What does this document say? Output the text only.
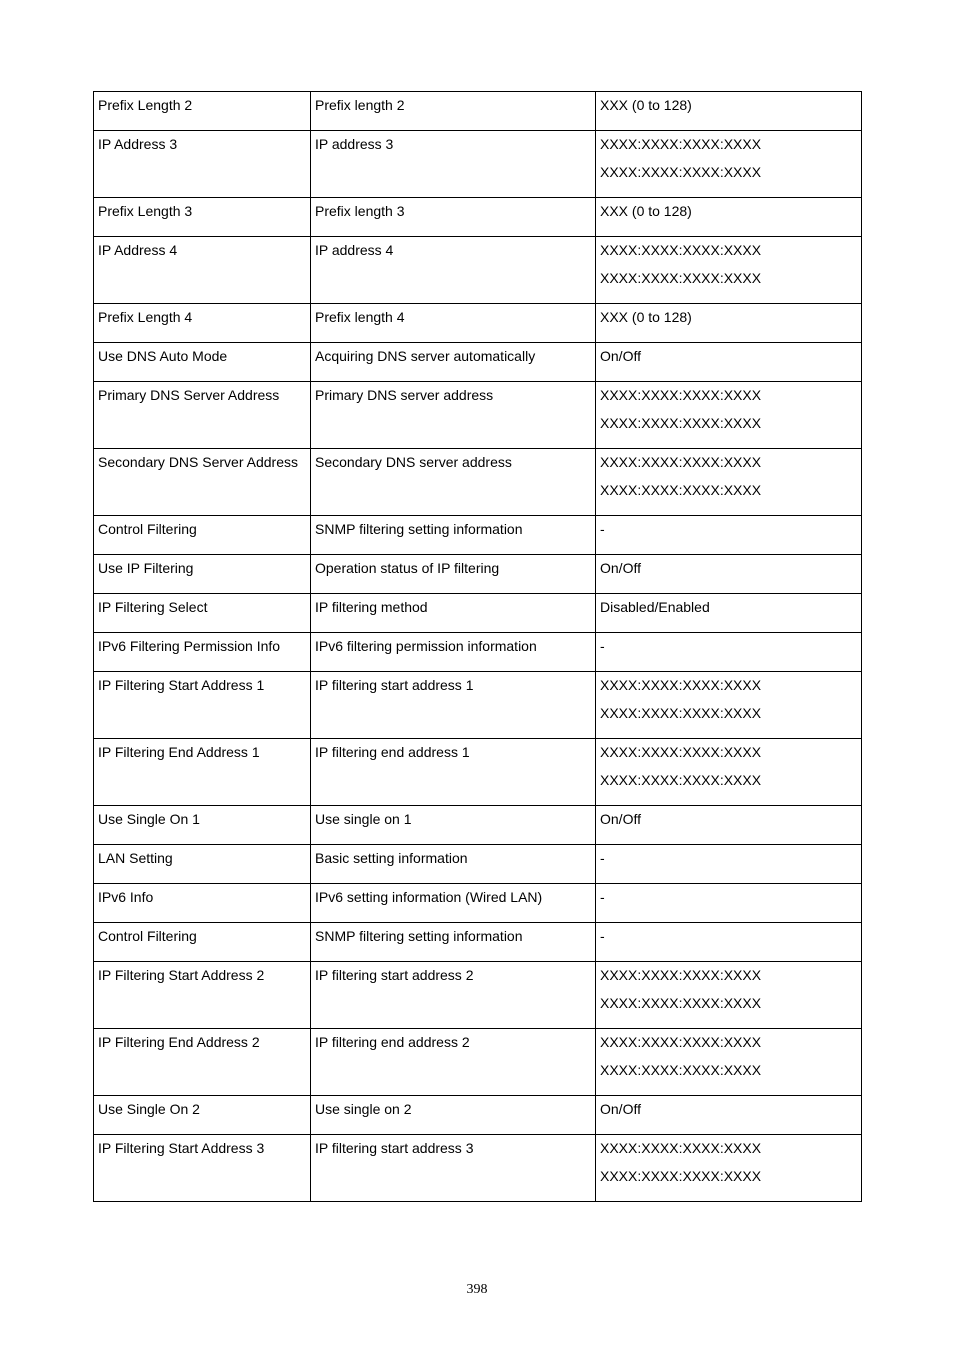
Prefix Length 2	Prefix length 2	XXX (0 to 128)

IP Address 3	IP address 3	XXXX:XXXX:XXXX:XXXX
XXXX:XXXX:XXXX:XXXX

Prefix Length 3	Prefix length 3	XXX (0 to 128)

IP Address 4	IP address 4	XXXX:XXXX:XXXX:XXXX
XXXX:XXXX:XXXX:XXXX

Prefix Length 4	Prefix length 4	XXX (0 to 128)

Use DNS Auto Mode	Acquiring DNS server automatically	On/Off

Primary DNS Server Address	Primary DNS server address	XXXX:XXXX:XXXX:XXXX
XXXX:XXXX:XXXX:XXXX

Secondary DNS Server Address	Secondary DNS server address	XXXX:XXXX:XXXX:XXXX
XXXX:XXXX:XXXX:XXXX

Control Filtering	SNMP filtering setting information	-

Use IP Filtering	Operation status of IP filtering	On/Off

IP Filtering Select	IP filtering method	Disabled/Enabled

IPv6 Filtering Permission Info	IPv6 filtering permission information	-

IP Filtering Start Address 1	IP filtering start address 1	XXXX:XXXX:XXXX:XXXX
XXXX:XXXX:XXXX:XXXX

IP Filtering End Address 1	IP filtering end address 1	XXXX:XXXX:XXXX:XXXX
XXXX:XXXX:XXXX:XXXX

Use Single On 1	Use single on 1	On/Off

LAN Setting	Basic setting information	-

IPv6 Info	IPv6 setting information (Wired LAN)	-

Control Filtering	SNMP filtering setting information	-

IP Filtering Start Address 2	IP filtering start address 2	XXXX:XXXX:XXXX:XXXX
XXXX:XXXX:XXXX:XXXX

IP Filtering End Address 2	IP filtering end address 2	XXXX:XXXX:XXXX:XXXX
XXXX:XXXX:XXXX:XXXX

Use Single On 2	Use single on 2	On/Off

IP Filtering Start Address 3	IP filtering start address 3	XXXX:XXXX:XXXX:XXXX
XXXX:XXXX:XXXX:XXXX
398
